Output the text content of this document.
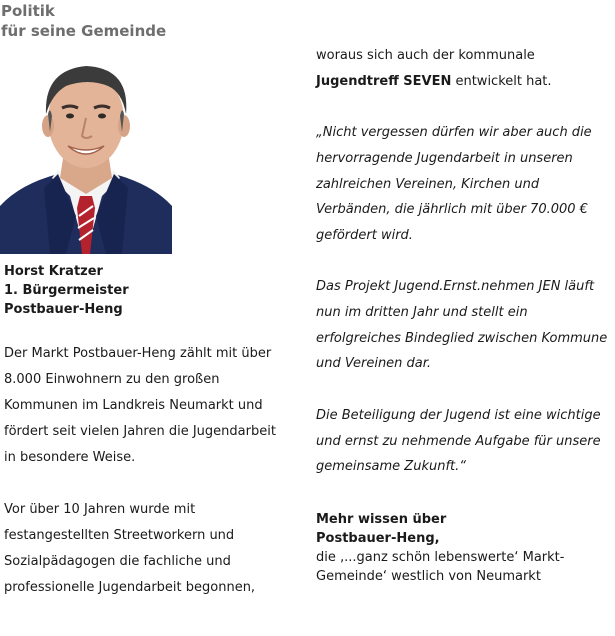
Politik
für seine Gemeinde
Horst Kratzer
1. Bürgermeister
Postbauer-Heng

Der Markt Postbauer-Heng zählt mit über 8.000 Einwohnern zu den großen Kommunen im Landkreis Neumarkt und fördert seit vielen Jahren die Jugendarbeit in besondere Weise.

Vor über 10 Jahren wurde mit festangestellten Streetworkern und Sozialpädagogen die fachliche und professionelle Jugendarbeit begonnen,

woraus sich auch der kommunale
Jugendtreff SEVEN entwickelt hat.

„Nicht vergessen dürfen wir aber auch die hervorragende Jugendarbeit in unseren zahlreichen Vereinen, Kirchen und Verbänden, die jährlich mit über 70.000 € gefördert wird.

Das Projekt Jugend.Ernst.nehmen JEN läuft nun im dritten Jahr und stellt ein erfolgreiches Bindeglied zwischen Kommune und Vereinen dar.

Die Beteiligung der Jugend ist eine wichtige und ernst zu nehmende Aufgabe für unsere gemeinsame Zukunft.“

Mehr wissen über
Postbauer-Heng,
die ‚...ganz schön lebenswerte‘ Markt-Gemeinde‘ westlich von Neumarkt
